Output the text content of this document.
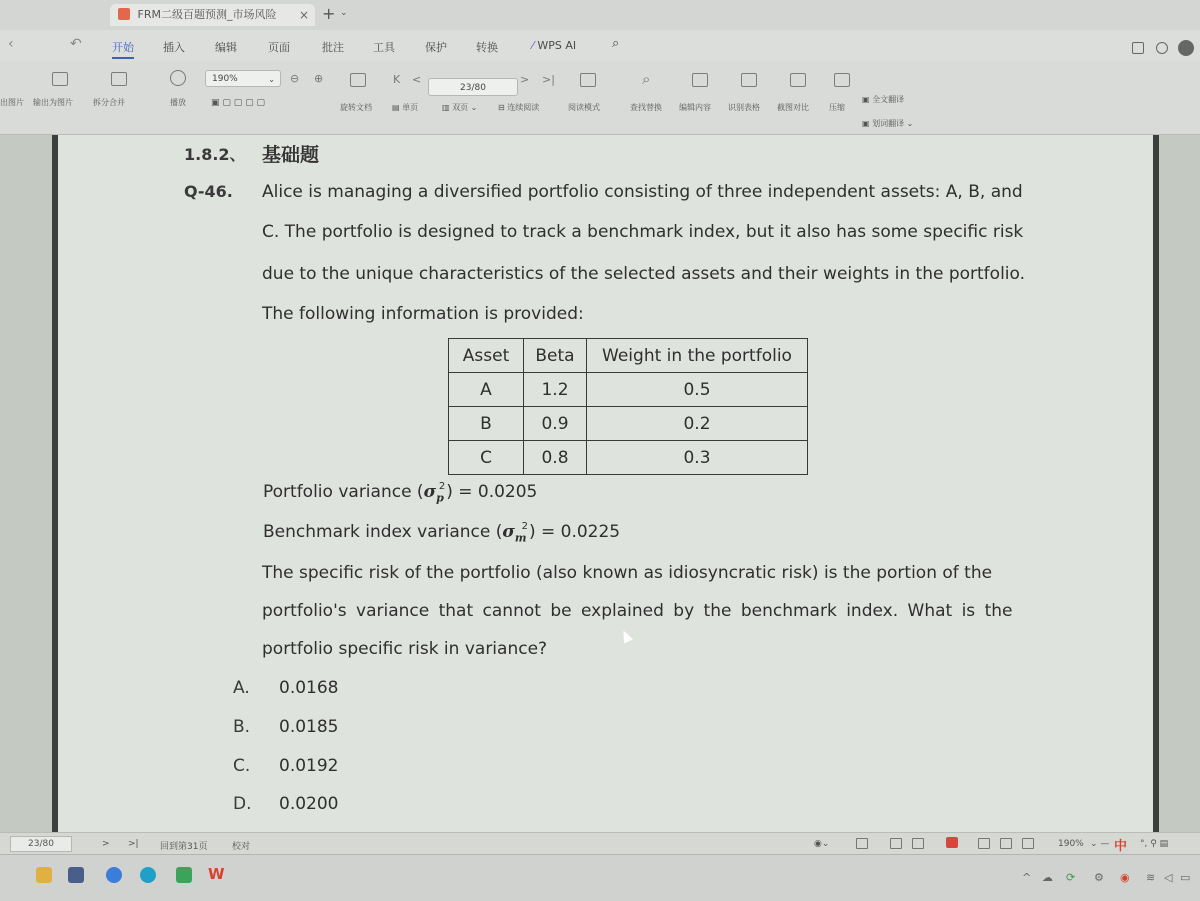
FRM二级百题预测_市场风险 × + ⌄
‹	↶	开始	插入	编辑	页面	批注	工具	保护	转换	⁄ WPS AI	⌕
出图片 输出为图片	拆分合并	播放
190%	⌄ ⊖ ⊕	K <	> >|
▣ ▢ ▢ ▢ ▢	旋转文档	▤ 单页	▥ 双页 ⌄	⊟ 连续阅读	阅读模式
⌕
查找替换 编辑内容 识别表格 截图对比	压缩
▣ 全文翻译
▣ 划词翻译 ⌄
23/80
1.8.2、 基础题
Q-46. Alice is managing a diversified portfolio consisting of three independent assets: A, B, and
C. The portfolio is designed to track a benchmark index, but it also has some specific risk
due to the unique characteristics of the selected assets and their weights in the portfolio.
The following information is provided:
Asset	Beta	Weight in the portfolio
A	1.2	0.5
B	0.9	0.2
C	0.8	0.3
Portfolio variance $(\sigma_p^2) = 0.0205$
Benchmark index variance $(\sigma_m^2) = 0.0225$
The specific risk of the portfolio (also known as idiosyncratic risk) is the portion of the
portfolio's variance that cannot be explained by the benchmark index. What is the
portfolio specific risk in variance?
A. 0.0168
B. 0.0185
C. 0.0192
D. 0.0200
23/80	> >| 回到第31页	校对	◉⌄	190% ⌄ — 中 °, ⚲ ▤
W	^ ☁ ⟳ ⚙ ◉ ≋ ◁ ▭
